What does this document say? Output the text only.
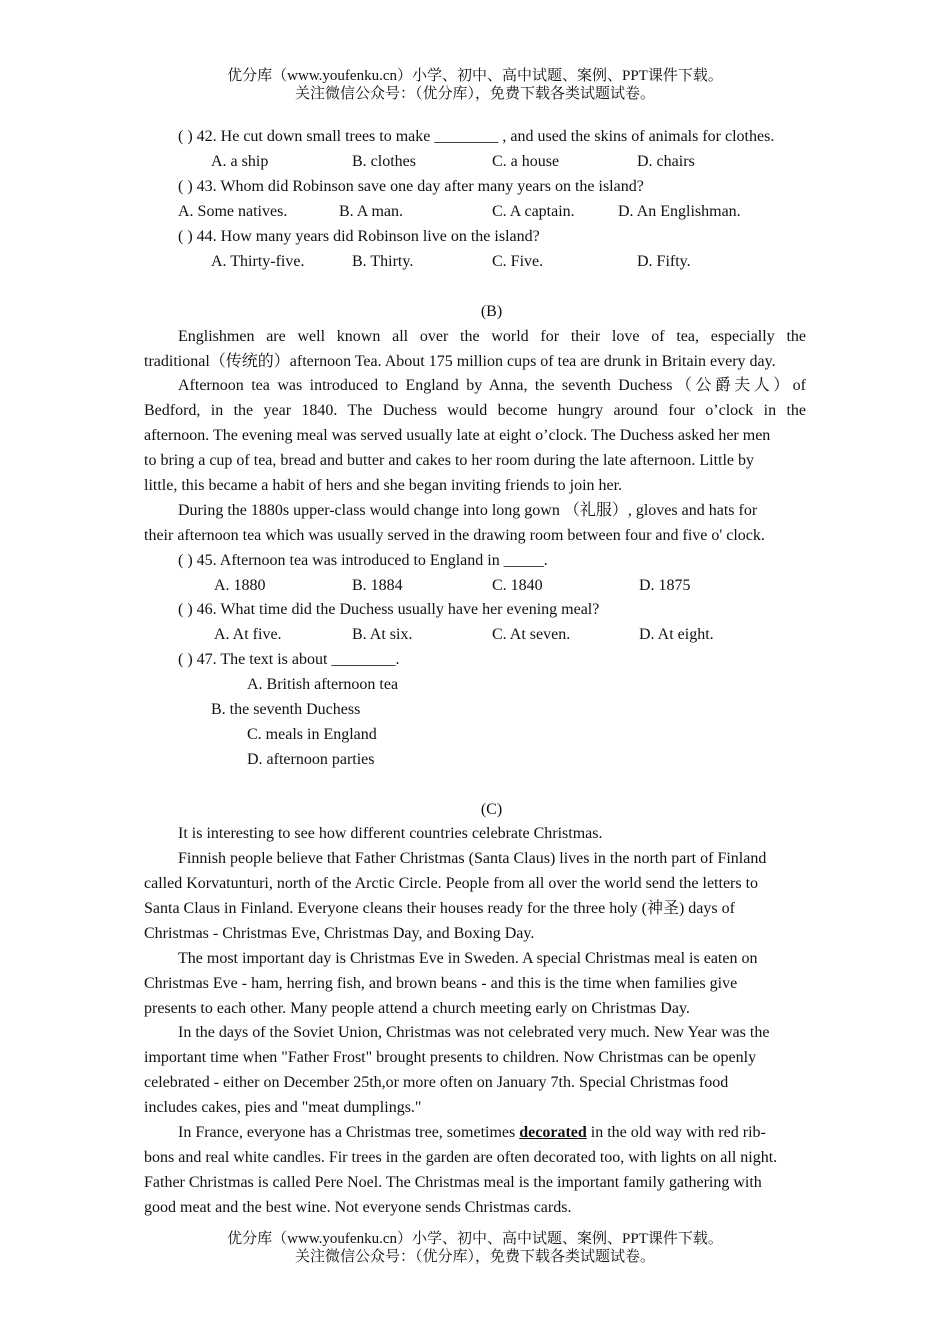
优分库（www.youfenku.cn）小学、初中、高中试题、案例、PPT课件下载。
关注微信公众号：（优分库），免费下载各类试题试卷。
( ) 42. He cut down small trees to make ________ , and used the skins of animals for clothes.
A. a ship	B. clothes	C. a house	D. chairs
( ) 43. Whom did Robinson save one day after many years on the island?
A. Some natives.	B. A man.	C. A captain.	D. An Englishman.
( ) 44. How many years did Robinson live on the island?
A. Thirty-five.	B. Thirty.	C. Five.	D. Fifty.
(B)
Englishmen are well known all over the world for their love of tea, especially the
traditional（传统的）afternoon Tea. About 175 million cups of tea are drunk in Britain every day.
Afternoon tea was introduced to England by Anna, the seventh Duchess（公爵夫人）of
Bedford, in the year 1840. The Duchess would become hungry around four o’clock in the
afternoon. The evening meal was served usually late at eight o’clock. The Duchess asked her men
to bring a cup of tea, bread and butter and cakes to her room during the late afternoon. Little by
little, this became a habit of hers and she began inviting friends to join her.
During the 1880s upper-class would change into long gown （礼服）, gloves and hats for
their afternoon tea which was usually served in the drawing room between four and five o' clock.
( ) 45. Afternoon tea was introduced to England in _____.
A. 1880	B. 1884	C. 1840	D. 1875
( ) 46. What time did the Duchess usually have her evening meal?
A. At five.	B. At six.	C. At seven.	D. At eight.
( ) 47. The text is about ________.
A. British afternoon tea
B. the seventh Duchess
C. meals in England
D. afternoon parties
(C)
It is interesting to see how different countries celebrate Christmas.
Finnish people believe that Father Christmas (Santa Claus) lives in the north part of Finland
called Korvatunturi, north of the Arctic Circle. People from all over the world send the letters to
Santa Claus in Finland. Everyone cleans their houses ready for the three holy (神圣) days of
Christmas - Christmas Eve, Christmas Day, and Boxing Day.
The most important day is Christmas Eve in Sweden. A special Christmas meal is eaten on
Christmas Eve - ham, herring fish, and brown beans - and this is the time when families give
presents to each other. Many people attend a church meeting early on Christmas Day.
In the days of the Soviet Union, Christmas was not celebrated very much. New Year was the
important time when "Father Frost" brought presents to children. Now Christmas can be openly
celebrated - either on December 25th,or more often on January 7th. Special Christmas food
includes cakes, pies and "meat dumplings."
In France, everyone has a Christmas tree, sometimes decorated in the old way with red rib-
bons and real white candles. Fir trees in the garden are often decorated too, with lights on all night.
Father Christmas is called Pere Noel. The Christmas meal is the important family gathering with
good meat and the best wine. Not everyone sends Christmas cards.
优分库（www.youfenku.cn）小学、初中、高中试题、案例、PPT课件下载。
关注微信公众号：（优分库），免费下载各类试题试卷。
